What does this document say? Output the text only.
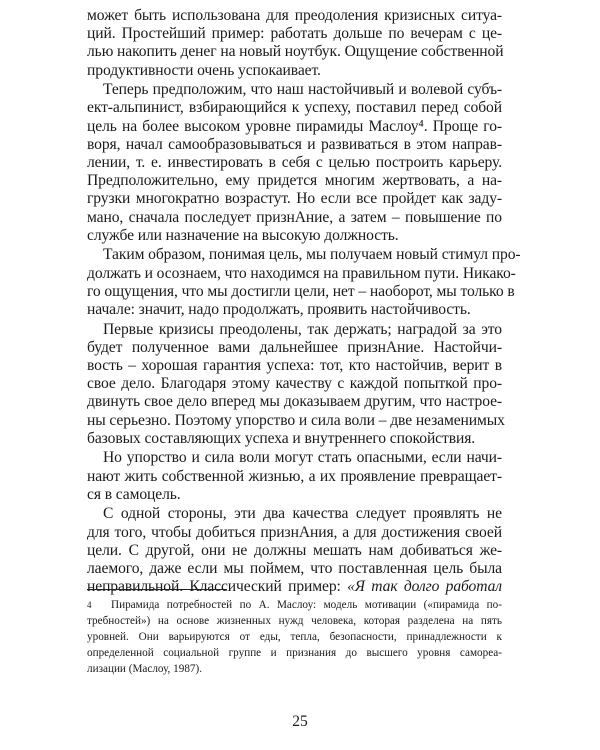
может быть использована для преодоления кризисных ситуа-
ций. Простейший пример: работать дольше по вечерам с це-
лью накопить денег на новый ноутбук. Ощущение собственной
продуктивности очень успокаивает.
Теперь предположим, что наш настойчивый и волевой субъ-
ект-альпинист, взбирающийся к успеху, поставил перед собой
цель на более высоком уровне пирамиды Маслоу⁴. Проще го-
воря, начал самообразовываться и развиваться в этом направ-
лении, т. е. инвестировать в себя с целью построить карьеру.
Предположительно, ему придется многим жертвовать, а на-
грузки многократно возрастут. Но если все пройдет как заду-
мано, сначала последует признАние, а затем – повышение по
службе или назначение на высокую должность.
Таким образом, понимая цель, мы получаем новый стимул про-
должать и осознаем, что находимся на правильном пути. Никако-
го ощущения, что мы достигли цели, нет – наоборот, мы только в
начале: значит, надо продолжать, проявить настойчивость.
Первые кризисы преодолены, так держать; наградой за это
будет полученное вами дальнейшее признАние. Настойчи-
вость – хорошая гарантия успеха: тот, кто настойчив, верит в
свое дело. Благодаря этому качеству с каждой попыткой про-
двинуть свое дело вперед мы доказываем другим, что настрое-
ны серьезно. Поэтому упорство и сила воли – две незаменимых
базовых составляющих успеха и внутреннего спокойствия.
Но упорство и сила воли могут стать опасными, если начи-
нают жить собственной жизнью, а их проявление превращает-
ся в самоцель.
С одной стороны, эти два качества следует проявлять не
для того, чтобы добиться признАния, а для достижения своей
цели. С другой, они не должны мешать нам добиваться же-
лаемого, даже если мы поймем, что поставленная цель была
неправильной. Классический пример: «Я так долго работал
4 Пирамида потребностей по А. Маслоу: модель мотивации («пирамида по-
требностей») на основе жизненных нужд человека, которая разделена на пять
уровней. Они варьируются от еды, тепла, безопасности, принадлежности к
определенной социальной группе и признания до высшего уровня самореа-
лизации (Маслоу, 1987).
25
